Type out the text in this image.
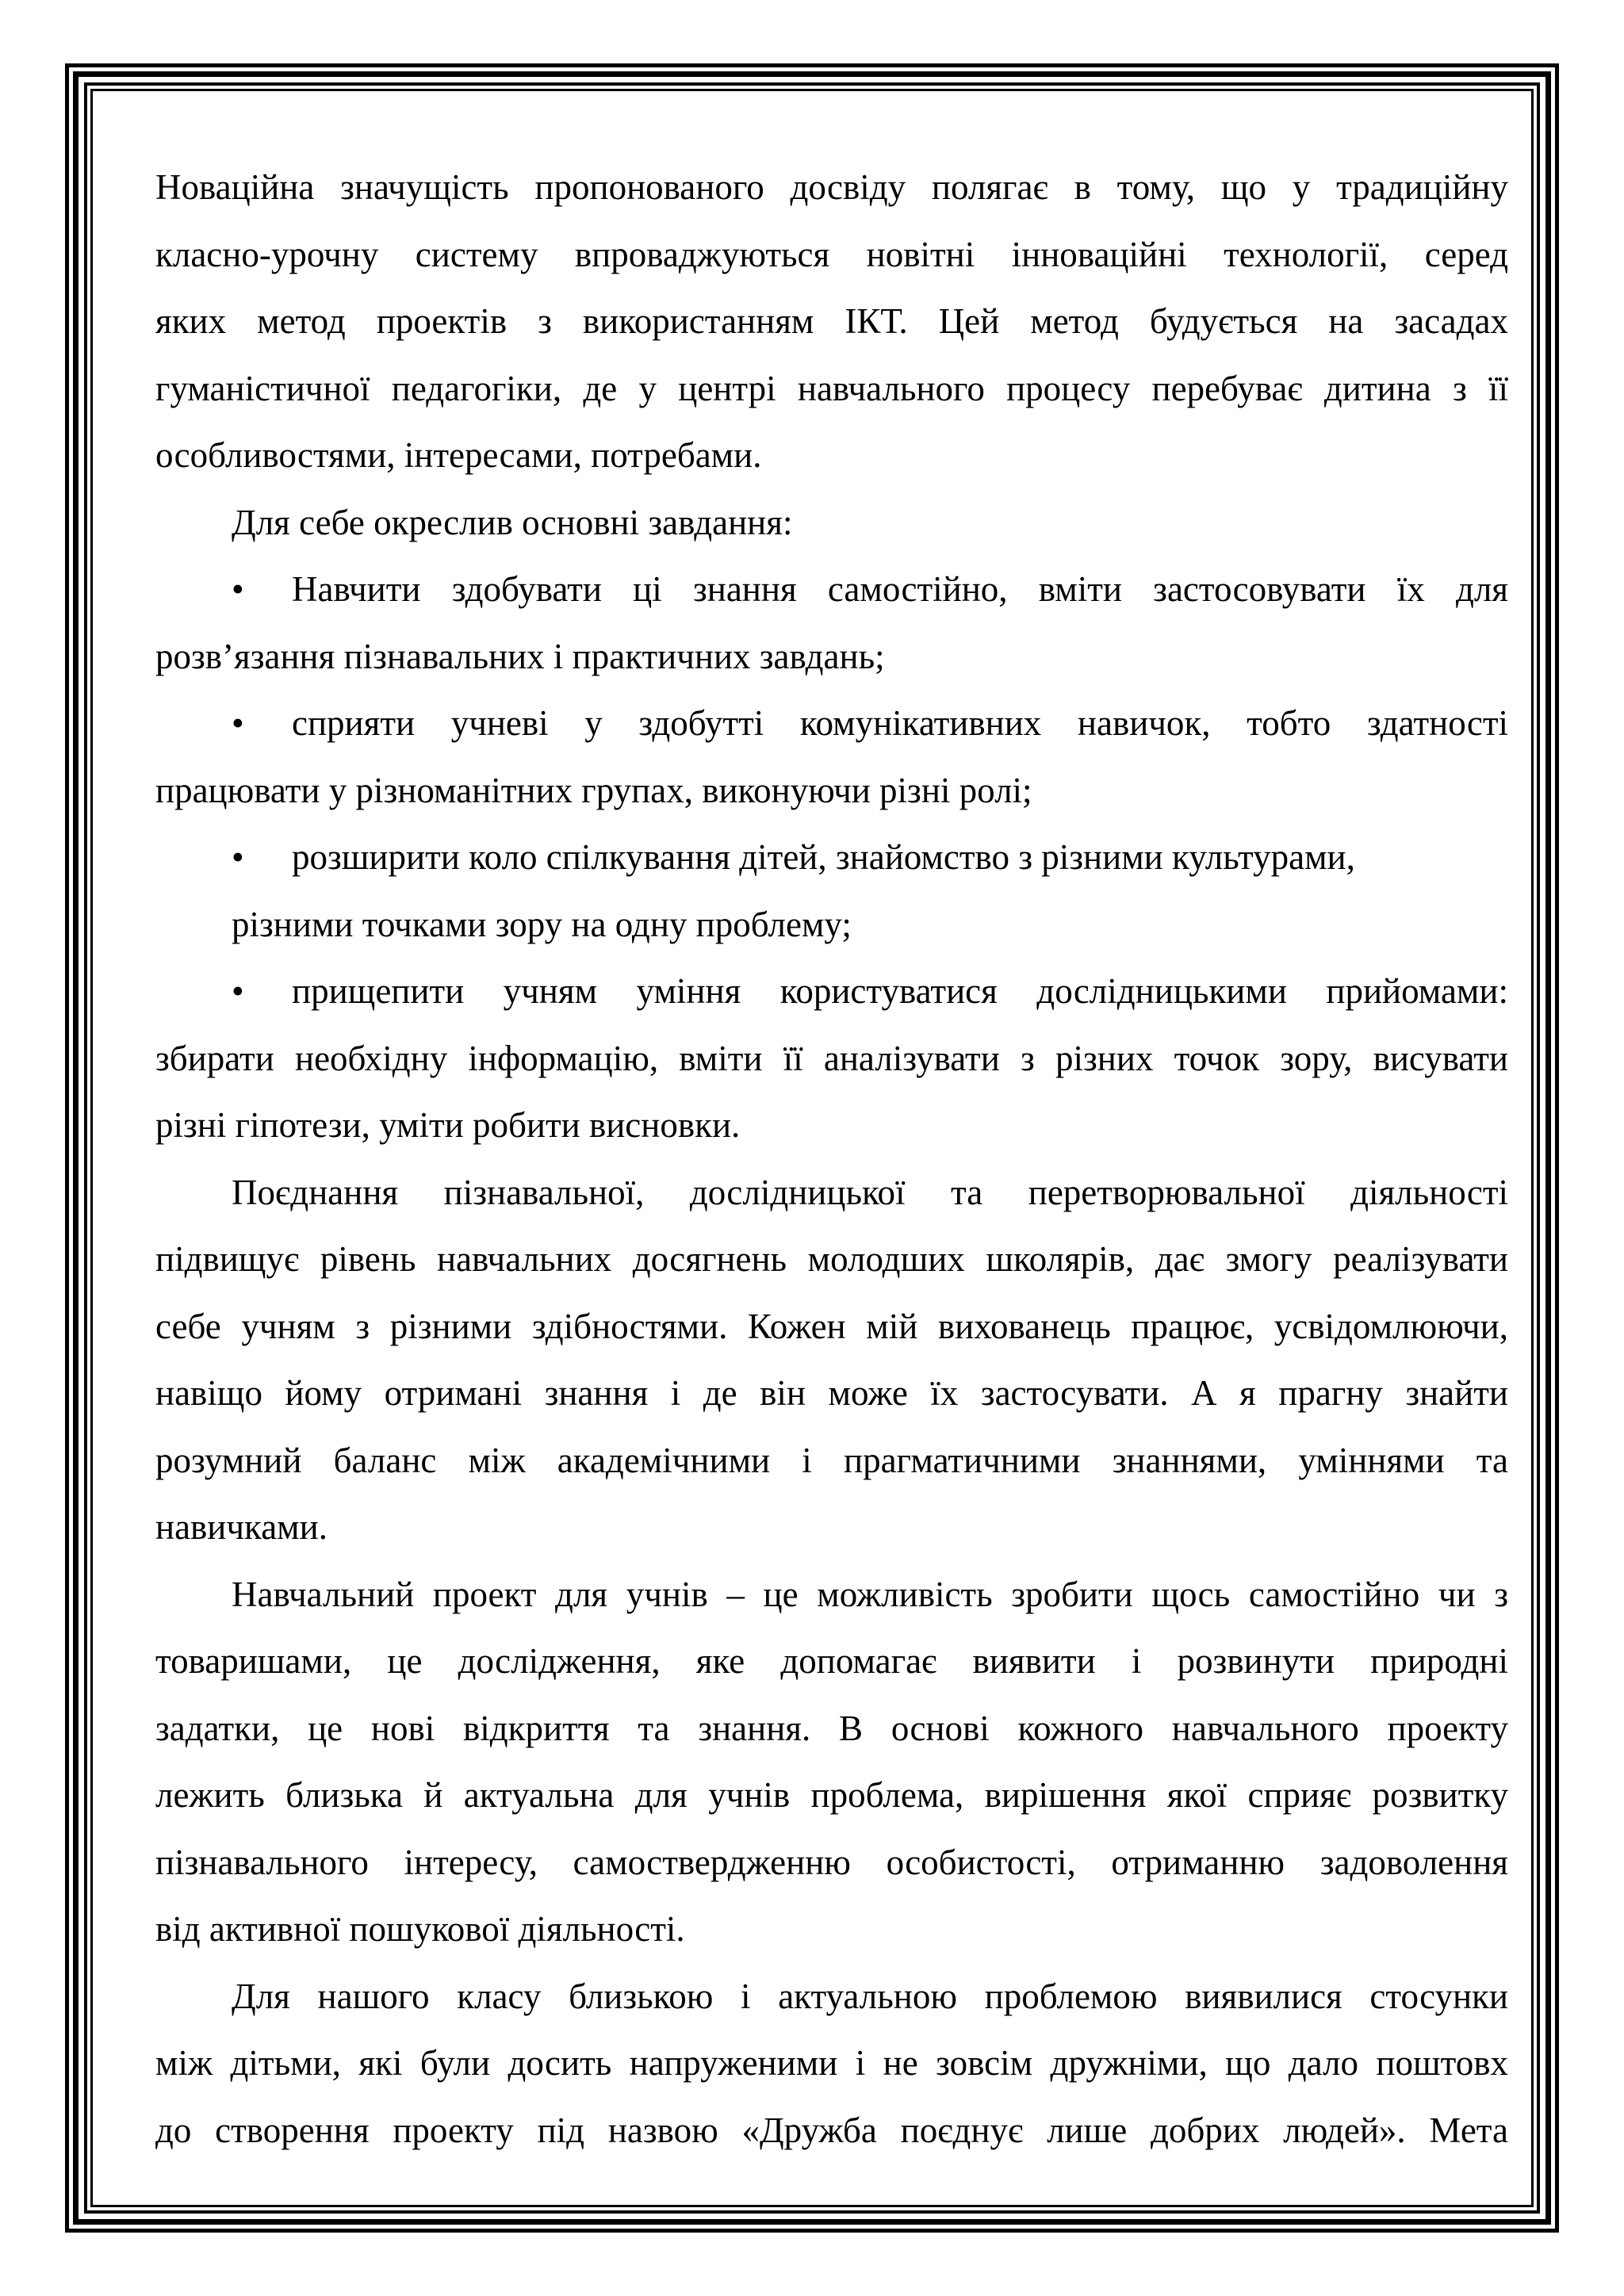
Новаційна значущість пропонованого досвіду полягає в тому, що у традиційну
класно-урочну систему впроваджуються новітні інноваційні технології, серед
яких метод проектів з використанням ІКТ. Цей метод будується на засадах
гуманістичної педагогіки, де у центрі навчального процесу перебуває дитина з її
особливостями, інтересами, потребами.
Для себе окреслив основні завдання:
• Навчити здобувати ці знання самостійно, вміти застосовувати їх для
розв’язання пізнавальних і практичних завдань;
• сприяти учневі у здобутті комунікативних навичок, тобто здатності
працювати у різноманітних групах, виконуючи різні ролі;
• розширити коло спілкування дітей, знайомство з різними культурами,
різними точками зору на одну проблему;
• прищепити учням уміння користуватися дослідницькими прийомами:
збирати необхідну інформацію, вміти її аналізувати з різних точок зору, висувати
різні гіпотези, уміти робити висновки.
Поєднання пізнавальної, дослідницької та перетворювальної діяльності
підвищує рівень навчальних досягнень молодших школярів, дає змогу реалізувати
себе учням з різними здібностями. Кожен мій вихованець працює, усвідомлюючи,
навіщо йому отримані знання і де він може їх застосувати. А я прагну знайти
розумний баланс між академічними і прагматичними знаннями, уміннями та
навичками.
Навчальний проект для учнів – це можливість зробити щось самостійно чи з
товаришами, це дослідження, яке допомагає виявити і розвинути природні
задатки, це нові відкриття та знання. В основі кожного навчального проекту
лежить близька й актуальна для учнів проблема, вирішення якої сприяє розвитку
пізнавального інтересу, самоствердженню особистості, отриманню задоволення
від активної пошукової діяльності.
Для нашого класу близькою і актуальною проблемою виявилися стосунки
між дітьми, які були досить напруженими і не зовсім дружніми, що дало поштовх
до створення проекту під назвою «Дружба поєднує лише добрих людей». Мета
